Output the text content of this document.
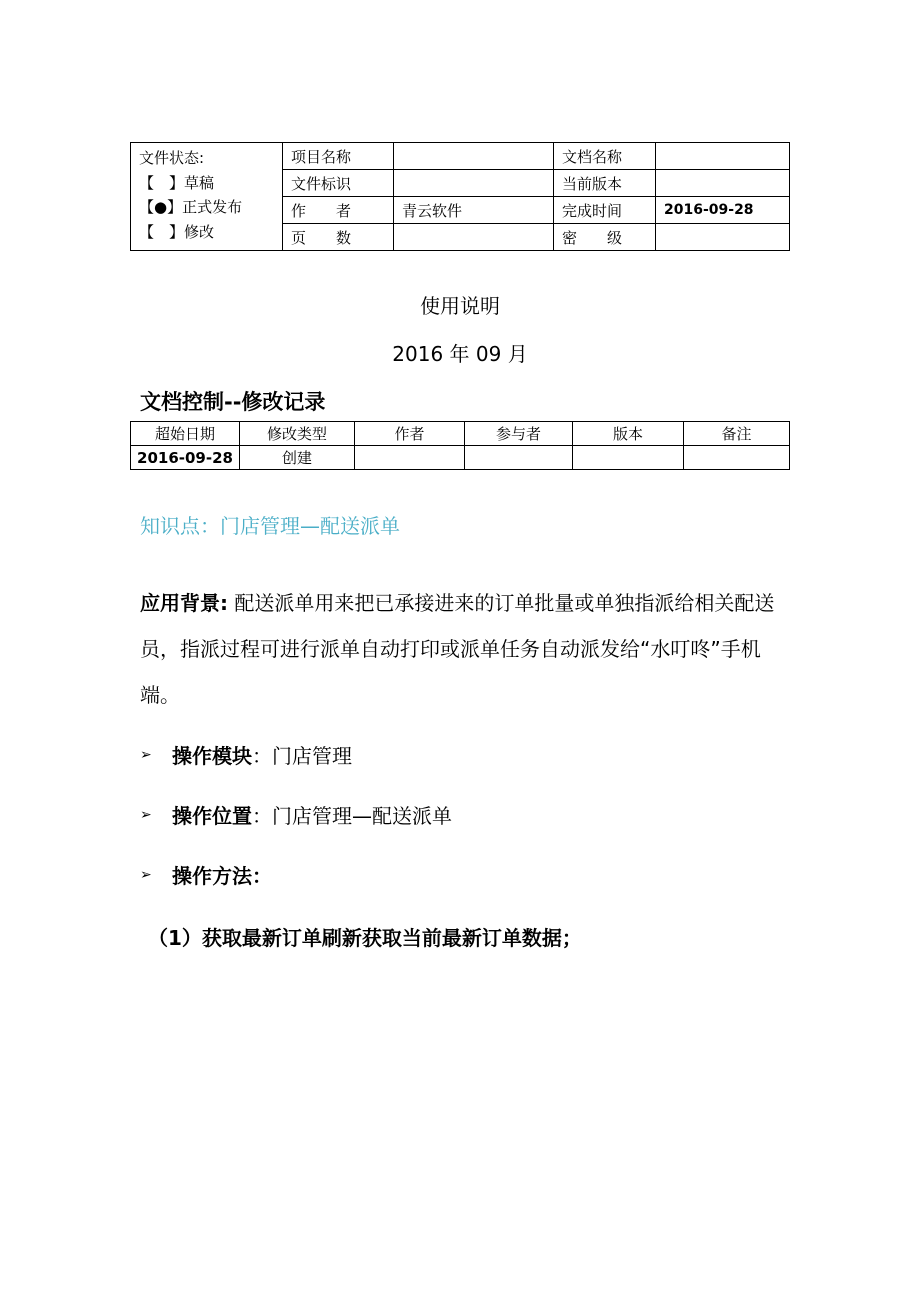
文件状态:
【　】草稿
【●】正式发布
【　】修改	项目名称		文档名称	
	文件标识		当前版本	
	作　　者	青云软件	完成时间	2016-09-28
	页　　数		密　　级	
使用说明
2016 年 09 月
文档控制--修改记录
超始日期	修改类型	作者	参与者	版本	备注
2016-09-28	创建				
知识点：门店管理—配送派单
应用背景: 配送派单用来把已承接进来的订单批量或单独指派给相关配送员，指派过程可进行派单自动打印或派单任务自动派发给“水叮咚”手机端。
➢	操作模块 ：门店管理
➢	操作位置 ：门店管理—配送派单
➢	操作方法：
（1）获取最新订单刷新获取当前最新订单数据；
